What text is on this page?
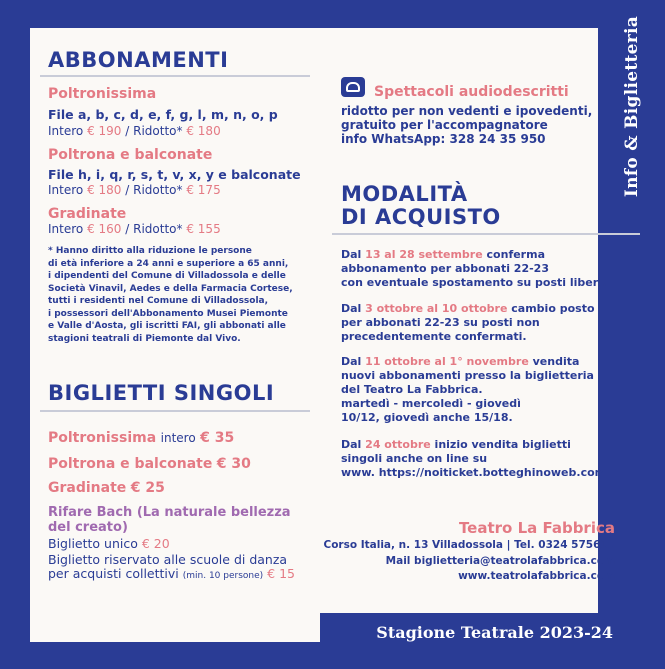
Info & Biglietteria
Stagione Teatrale 2023-24
ABBONAMENTI
Poltronissima
File a, b, c, d, e, f, g, l, m, n, o, p
Intero € 190 / Ridotto* € 180
Poltrona e balconate
File h, i, q, r, s, t, v, x, y e balconate
Intero € 180 / Ridotto* € 175
Gradinate
Intero € 160 / Ridotto* € 155
* Hanno diritto alla riduzione le persone
di età inferiore a 24 anni e superiore a 65 anni,
i dipendenti del Comune di Villadossola e delle
Società Vinavil, Aedes e della Farmacia Cortese,
tutti i residenti nel Comune di Villadossola,
i possessori dell'Abbonamento Musei Piemonte
e Valle d'Aosta, gli iscritti FAI, gli abbonati alle
stagioni teatrali di Piemonte dal Vivo.
BIGLIETTI SINGOLI
Poltronissima intero € 35
Poltrona e balconate € 30
Gradinate € 25
Rifare Bach (La naturale bellezza
del creato)
Biglietto unico € 20
Biglietto riservato alle scuole di danza
per acquisti collettivi (min. 10 persone) € 15
Spettacoli audiodescritti
ridotto per non vedenti e ipovedenti,
gratuito per l'accompagnatore
info WhatsApp: 328 24 35 950
MODALITÀ
DI ACQUISTO
Dal 13 al 28 settembre conferma
abbonamento per abbonati 22-23
con eventuale spostamento su posti liberi.
Dal 3 ottobre al 10 ottobre cambio posto
per abbonati 22-23 su posti non
precedentemente confermati.
Dal 11 ottobre al 1° novembre vendita
nuovi abbonamenti presso la biglietteria
del Teatro La Fabbrica.
martedì - mercoledì - giovedì
10/12, giovedì anche 15/18.
Dal 24 ottobre inizio vendita biglietti
singoli anche on line su
www. https://noiticket.botteghinoweb.com
Teatro La Fabbrica
Corso Italia, n. 13 Villadossola | Tel. 0324 575611
Mail biglietteria@teatrolafabbrica.com
www.teatrolafabbrica.com
